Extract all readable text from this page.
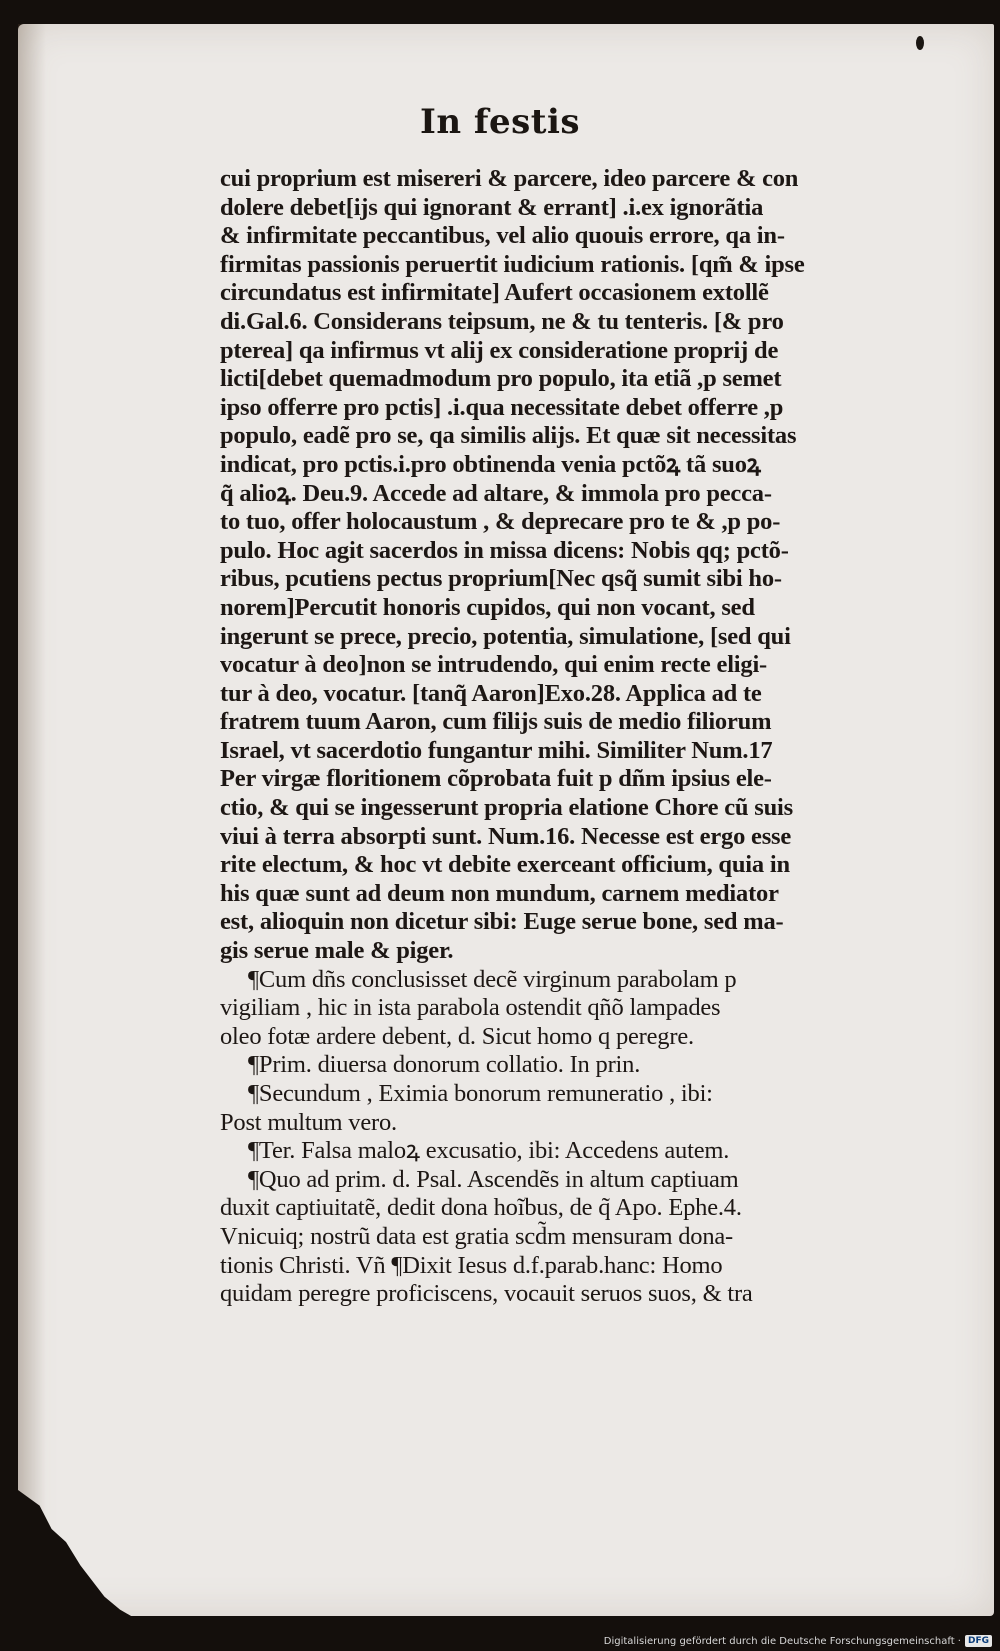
In festis
cui proprium est misereri & parcere, ideo parcere & con
dolere debet[ijs qui ignorant & errant] .i.ex ignorãtia
& infirmitate peccantibus, vel alio quouis errore, qa in-
firmitas passionis peruertit iudicium rationis. [qm̃ & ipse
circundatus est infirmitate] Aufert occasionem extollẽ
di.Gal.6. Considerans teipsum, ne & tu tenteris. [& pro
pterea] qa infirmus vt alij ex consideratione proprij de
licti[debet quemadmodum pro populo, ita etiã ,p semet
ipso offerre pro pctis] .i.qua necessitate debet offerre ,p
populo, eadẽ pro se, qa similis alijs. Et quæ sit necessitas
indicat, pro pctis.i.pro obtinenda venia pctõꝝ tã suoꝝ
q̃ alioꝝ. Deu.9. Accede ad altare, & immola pro pecca-
to tuo, offer holocaustum , & deprecare pro te & ,p po-
pulo. Hoc agit sacerdos in missa dicens: Nobis qq; pctõ-
ribus, pcutiens pectus proprium[Nec qsq̃ sumit sibi ho-
norem]Percutit honoris cupidos, qui non vocant, sed
ingerunt se prece, precio, potentia, simulatione, [sed qui
vocatur à deo]non se intrudendo, qui enim recte eligi-
tur à deo, vocatur. [tanq̃ Aaron]Exo.28. Applica ad te
fratrem tuum Aaron, cum filijs suis de medio filiorum
Israel, vt sacerdotio fungantur mihi. Similiter Num.17
Per virgæ floritionem cõprobata fuit p dñm ipsius ele-
ctio, & qui se ingesserunt propria elatione Chore cũ suis
viui à terra absorpti sunt. Num.16. Necesse est ergo esse
rite electum, & hoc vt debite exerceant officium, quia in
his quæ sunt ad deum non mundum, carnem mediator
est, alioquin non dicetur sibi: Euge serue bone, sed ma-
gis serue male & piger.
¶Cum dñs conclusisset decẽ virginum parabolam p
vigiliam , hic in ista parabola ostendit qñõ lampades
oleo fotæ ardere debent, d. Sicut homo q peregre.
¶Prim. diuersa donorum collatio. In prin.
¶Secundum , Eximia bonorum remuneratio , ibi:
Post multum vero.
¶Ter. Falsa maloꝝ excusatio, ibi: Accedens autem.
¶Quo ad prim. d. Psal. Ascendẽs in altum captiuam
duxit captiuitatẽ, dedit dona hoĩbus, de q̃ Apo. Ephe.4.
Vnicuiq; nostrũ data est gratia scd̃m mensuram dona-
tionis Christi. Vñ ¶Dixit Iesus d.f.parab.hanc: Homo
quidam peregre proficiscens, vocauit seruos suos, & tra
Digitalisierung gefördert durch die Deutsche Forschungsgemeinschaft · DFG
